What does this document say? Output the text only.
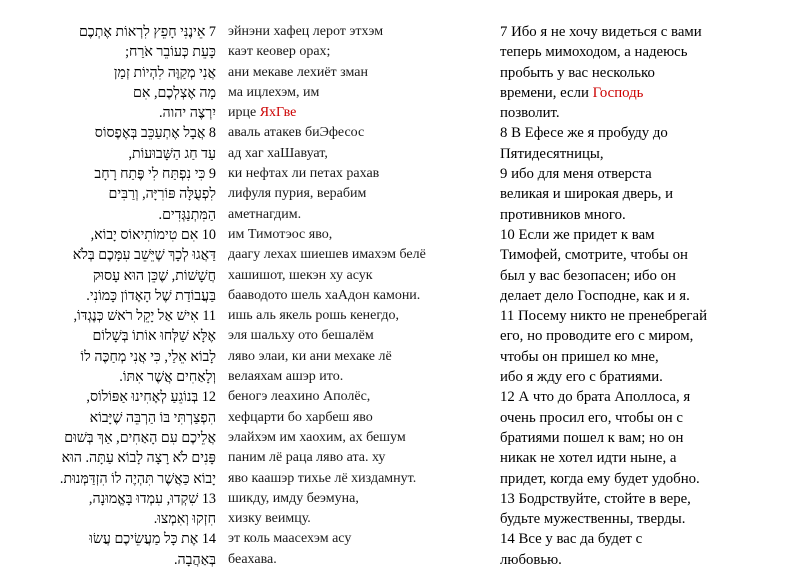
7 אֵינֶנִּי חָפֵץ לִרְאוֹת אֶתְכֶם
כָּעֵת כְּעוֹבֵר אֹרַח;
אֲנִי מְקַוֶּה לִהְיוֹת זְמַן
מָה אֶצְלְכֶם, אִם
יִרְצֶה יהוה.
8 אֲבָל אֶתְעַכֵּב בְּאֶפֶסוֹס
עַד חַג הַשָּׁבוּעוֹת,
9 כִּי נִפְתַּח לִי פֶּתַח רָחָב
לִפְעֻלָּה פּוֹרִיָּה, וְרַבִּים
הַמִּתְנַגְּדִים.
10 אִם טִימוֹתִיאוֹס יָבוֹא,
דַּאֲגוּ לְכָךְ שֶׁיֵּשֵׁב עִמָּכֶם בְּלֹא
חֲשָׁשׁוֹת, שֶׁכֵּן הוּא עָסוּק
בַּעֲבוֹדַת שֶׁל הָאָדוֹן כָּמוֹנִי.
11 אִישׁ אַל יָקֵל רֹאשׁ כְּנֶגְדּוֹ,
אֶלָּא שַׁלְּחוּ אוֹתוֹ בְּשָׁלוֹם
לָבוֹא אֵלַי, כִּי אֲנִי מְחַכֶּה לוֹ
וְלָאַחִים אֲשֶׁר אִתּוֹ.
12 בְּנוֹגֵעַ לְאָחִינוּ אַפּוֹלוֹס,
הִפְצַרְתִּי בּוֹ הַרְבֵּה שֶׁיָּבוֹא
אֲלֵיכֶם עִם הָאַחִים, אַךְ בְּשׁוּם
פָּנִים לֹא רָצָה לָבוֹא עַתָּה. הוּא
יָבוֹא כַּאֲשֶׁר תִּהְיֶה לוֹ הִזְדַּמְּנוּת.
13 שִׁקְדוּ, עִמְדוּ בָּאֱמוּנָה,
חִזְקוּ וְאִמְצוּ.
14 אֶת כָּל מַעֲשֵׂיכֶם עֲשׂוּ
בְּאַהֲבָה.
эйнэни хафец лерот этхэм
каэт кеовер орах;
ани мекаве лехиёт зман
ма ицлехэм, им
ирце ЯхГве
аваль атакев биЭфесос
ад хаг хаШавуат,
ки нефтах ли петах рахав
лифуля пурия, верабим
аметнагдим.
им Тимотэос яво,
даагу лехах шиешев имахэм белё
хашишот, шекэн ху асук
бааводото шель хаАдон камони.
ишь аль якель рошь кенегдо,
эля шальху ото бешалём
ляво элаи, ки ани мехаке лё
велаяхам ашэр ито.
беногэ леахино Аполёс,
хефцарти бо харбеш яво
элайхэм им хаохим, ах бешум
паним лё раца ляво ата. ху
яво каашэр тихье лё хиздамнут.
шикду, имду беэмуна,
хизку веимцу.
эт коль маасехэм асу
беахава.
7 Ибо я не хочу видеться с вами
теперь мимоходом, а надеюсь
пробыть у вас несколько
времени, если Господь
позволит.
8 В Ефесе же я пробуду до
Пятидесятницы,
9 ибо для меня отверста
великая и широкая дверь, и
противников много.
10 Если же придет к вам
Тимофей, смотрите, чтобы он
был у вас безопасен; ибо он
делает дело Господне, как и я.
11 Посему никто не пренебрегай
его, но проводите его с миром,
чтобы он пришел ко мне,
ибо я жду его с братиями.
12 А что до брата Аполлоса, я
очень просил его, чтобы он с
братиями пошел к вам; но он
никак не хотел идти ныне, а
придет, когда ему будет удобно.
13 Бодрствуйте, стойте в вере,
будьте мужественны, тверды.
14 Все у вас да будет с
любовью.
